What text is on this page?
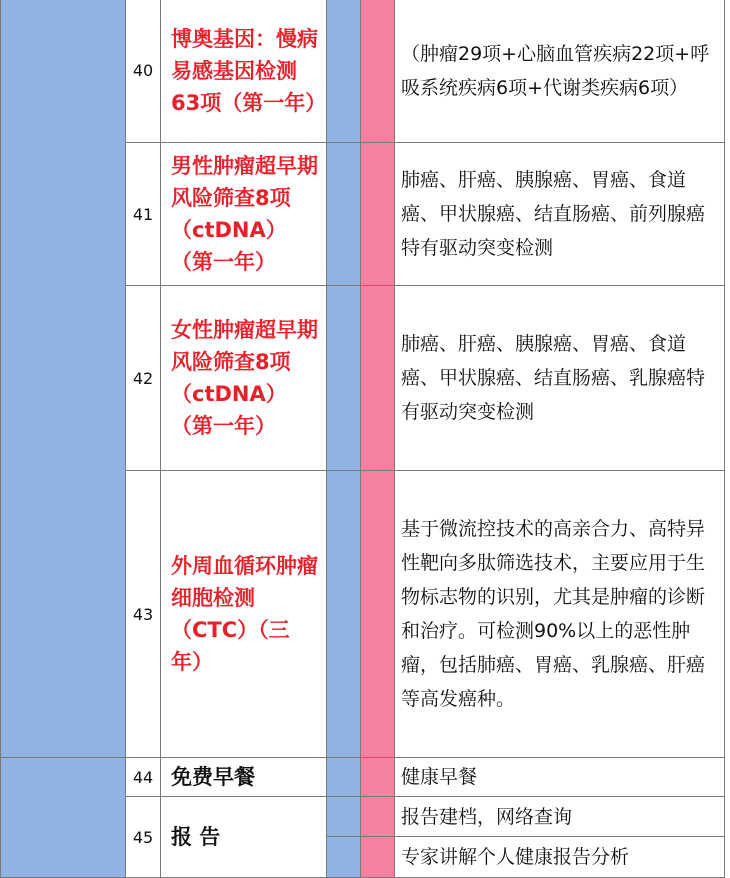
40
博奥基因：慢病易感基因检测63项（第一年）
（肿瘤29项+心脑血管疾病22项+呼吸系统疾病6项+代谢类疾病6项）
41
男性肿瘤超早期风险筛查8项（ctDNA）（第一年）
肺癌、肝癌、胰腺癌、胃癌、食道癌、甲状腺癌、结直肠癌、前列腺癌特有驱动突变检测
42
女性肿瘤超早期风险筛查8项（ctDNA）（第一年）
肺癌、肝癌、胰腺癌、胃癌、食道癌、甲状腺癌、结直肠癌、乳腺癌特有驱动突变检测
43
外周血循环肿瘤细胞检测（CTC）（三年）
基于微流控技术的高亲合力、高特异性靶向多肽筛选技术，主要应用于生物标志物的识别，尤其是肿瘤的诊断和治疗。可检测90%以上的恶性肿瘤，包括肺癌、胃癌、乳腺癌、肝癌等高发癌种。
44 免费早餐	健康早餐
45 报 告
报告建档，网络查询
专家讲解个人健康报告分析
